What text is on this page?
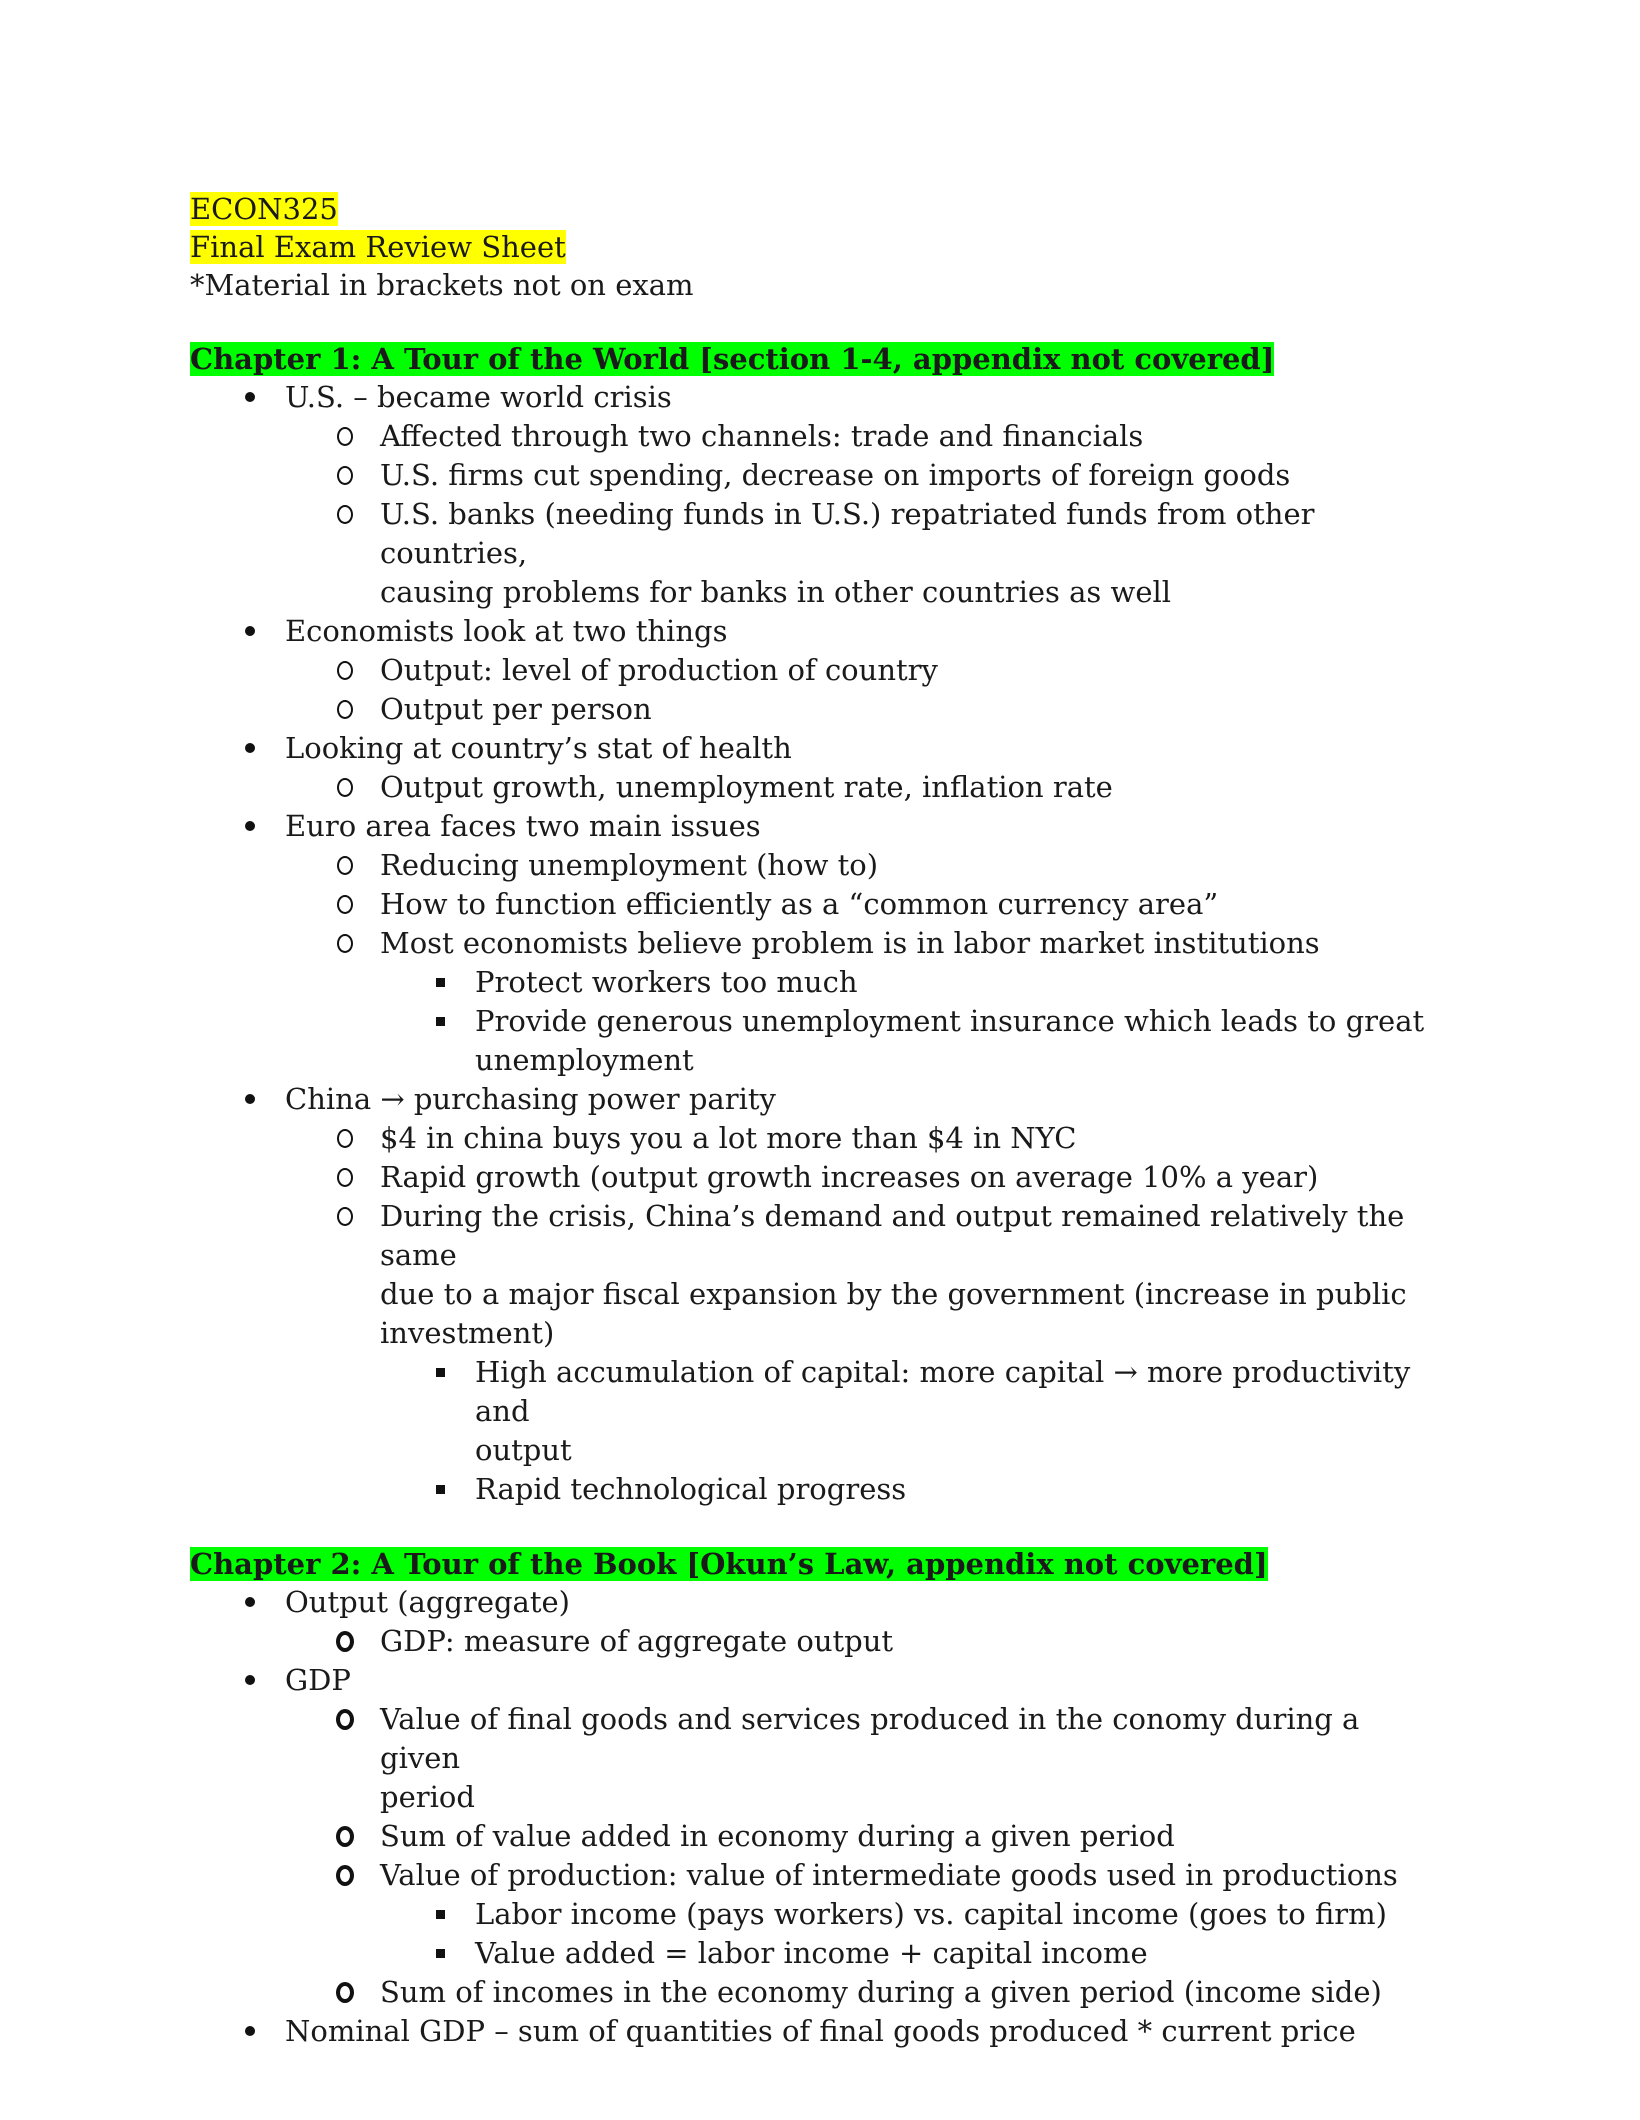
ECON325
Final Exam Review Sheet
*Material in brackets not on exam
Chapter 1: A Tour of the World [section 1-4, appendix not covered]
U.S. – became world crisis
Affected through two channels: trade and financials
U.S. firms cut spending, decrease on imports of foreign goods
U.S. banks (needing funds in U.S.) repatriated funds from other countries,
causing problems for banks in other countries as well
Economists look at two things
Output: level of production of country
Output per person
Looking at country’s stat of health
Output growth, unemployment rate, inflation rate
Euro area faces two main issues
Reducing unemployment (how to)
How to function efficiently as a “common currency area”
Most economists believe problem is in labor market institutions
Protect workers too much
Provide generous unemployment insurance which leads to great
unemployment
China → purchasing power parity
$4 in china buys you a lot more than $4 in NYC
Rapid growth (output growth increases on average 10% a year)
During the crisis, China’s demand and output remained relatively the same
due to a major fiscal expansion by the government (increase in public
investment)
High accumulation of capital: more capital → more productivity and
output
Rapid technological progress
Chapter 2: A Tour of the Book [Okun’s Law, appendix not covered]
Output (aggregate)
GDP: measure of aggregate output
GDP
Value of final goods and services produced in the conomy during a given
period
Sum of value added in economy during a given period
Value of production: value of intermediate goods used in productions
Labor income (pays workers) vs. capital income (goes to firm)
Value added = labor income + capital income
Sum of incomes in the economy during a given period (income side)
Nominal GDP – sum of quantities of final goods produced * current price
